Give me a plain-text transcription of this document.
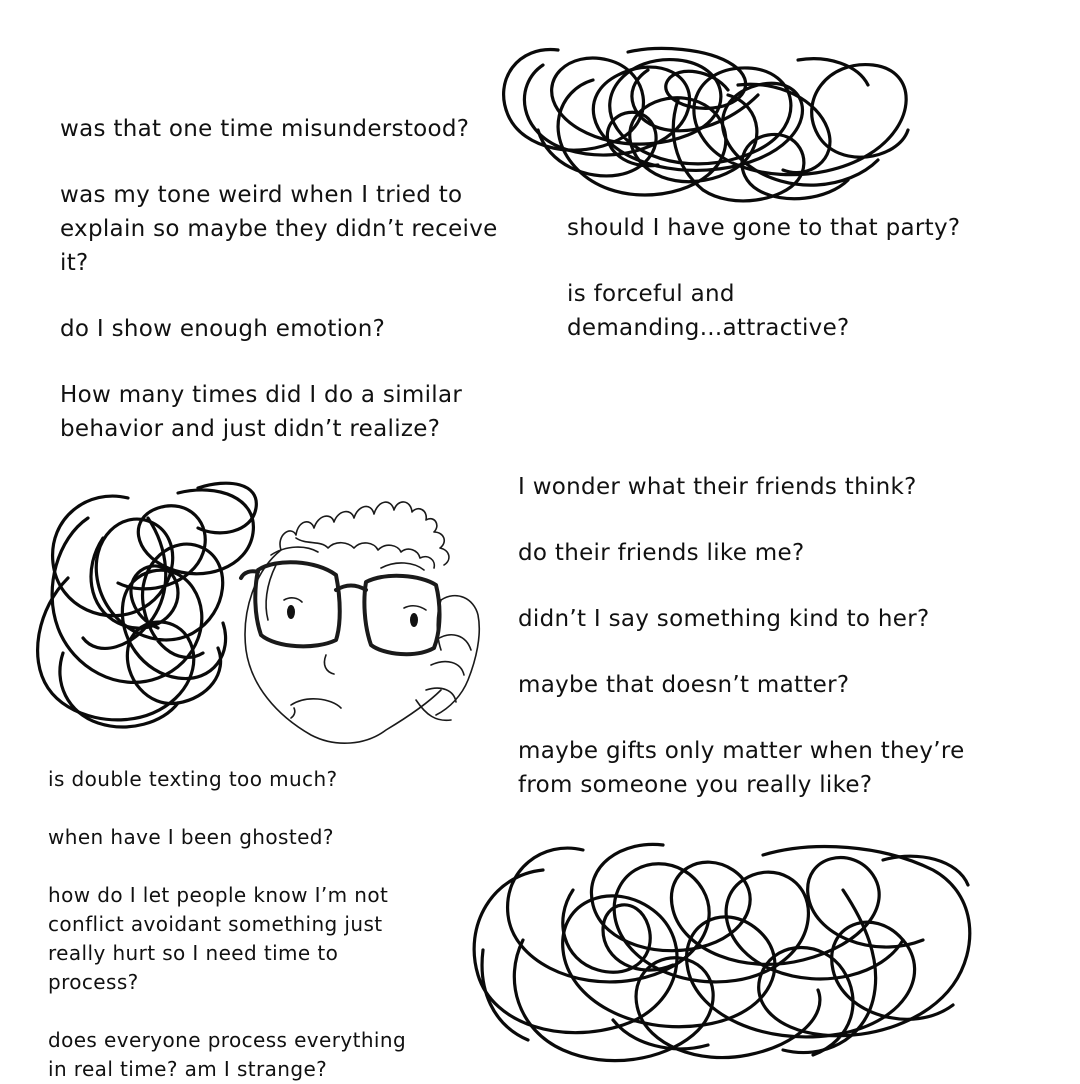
was that one time misunderstood?

was my tone weird when I tried to explain so maybe they didn’t receive it?

do I show enough emotion?

How many times did I do a similar behavior and just didn’t realize?

should I have gone to that party?

is forceful and demanding...attractive?

I wonder what their friends think?

do their friends like me?

didn’t I say something kind to her?

maybe that doesn’t matter?

maybe gifts only matter when they’re from someone you really like?

is double texting too much?

when have I been ghosted?

how do I let people know I’m not conflict avoidant something just really hurt so I need time to process?

does everyone process everything in real time? am I strange?
